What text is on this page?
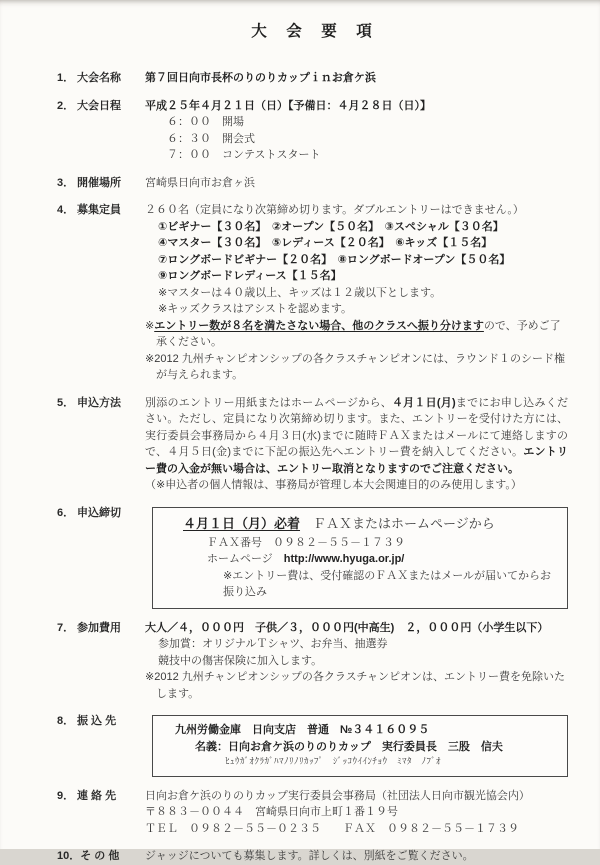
大　会　要　項
1． 大会名称	第７回日向市長杯のりのりカップｉｎお倉ケ浜
2． 大会日程	平成２５年４月２１日（日）【予備日：４月２８日（日）】
６：００　開場
６：３０　開会式
７：００　コンテストスタート
3． 開催場所	宮崎県日向市お倉ヶ浜
4． 募集定員	２６０名（定員になり次第締め切ります。ダブルエントリーはできません。）
①ビギナー【３０名】　②オープン【５０名】　③スペシャル【３０名】
④マスター【３０名】　⑤レディース【２０名】　⑥キッズ【１５名】
⑦ロングボードビギナー【２０名】　⑧ロングボードオープン【５０名】
⑨ロングボードレディース【１５名】
※マスターは４０歳以上、キッズは１２歳以下とします。
※キッズクラスはアシストを認めます。
※エントリー数が８名を満たさない場合、他のクラスへ振り分けますので、予めご了承ください。
※2012 九州チャンピオンシップの各クラスチャンピオンには、ラウンド１のシード権が与えられます。
5． 申込方法	別添のエントリー用紙またはホームページから、４月１日(月)までにお申し込みください。ただし、定員になり次第締め切ります。また、エントリーを受付けた方には、実行委員会事務局から４月３日(水)までに随時ＦＡＸまたはメールにて連絡しますので、４月５日(金)までに下記の振込先へエントリー費を納入してください。エントリー費の入金が無い場合は、エントリー取消となりますのでご注意ください。

（※申込者の個人情報は、事務局が管理し本大会関連目的のみ使用します。）
6． 申込締切
４月１日（月）必着　ＦＡＸまたはホームページから
ＦＡＸ番号　０９８２－５５－１７３９
ホームページ　 http://www.hyuga.or.jp/
※エントリー費は、受付確認のＦＡＸまたはメールが届いてからお振り込み
7． 参加費用	大人／４，０００円　子供／３，０００円(中高生)　２，０００円（小学生以下）
参加賞：オリジナルＴシャツ、お弁当、抽選券
競技中の傷害保険に加入します。
※2012 九州チャンピオンシップの各クラスチャンピオンは、エントリー費を免除いたします。
8． 振 込 先
九州労働金庫　日向支店　普通　№３４１６０９５
名義：日向お倉ケ浜のりのりカップ　実行委員長　三股　信夫
ﾋｭｳｶﾞｵｸﾗｶﾞﾊﾏﾉﾘﾉﾘｶｯﾌﾟ　ｼﾞｯｺｳｲｲﾝﾁｮｳ　ﾐﾏﾀ　ﾉﾌﾞｵ
9． 連 絡 先	日向お倉ケ浜のりのりカップ実行委員会事務局（社団法人日向市観光協会内）
〒８８３－００４４　宮崎県日向市上町１番１９号
ＴＥＬ　０９８２－５５－０２３５　　ＦＡＸ　０９８２－５５－１７３９
10．そ の 他	ジャッジについても募集します。詳しくは、別紙をご覧ください。
